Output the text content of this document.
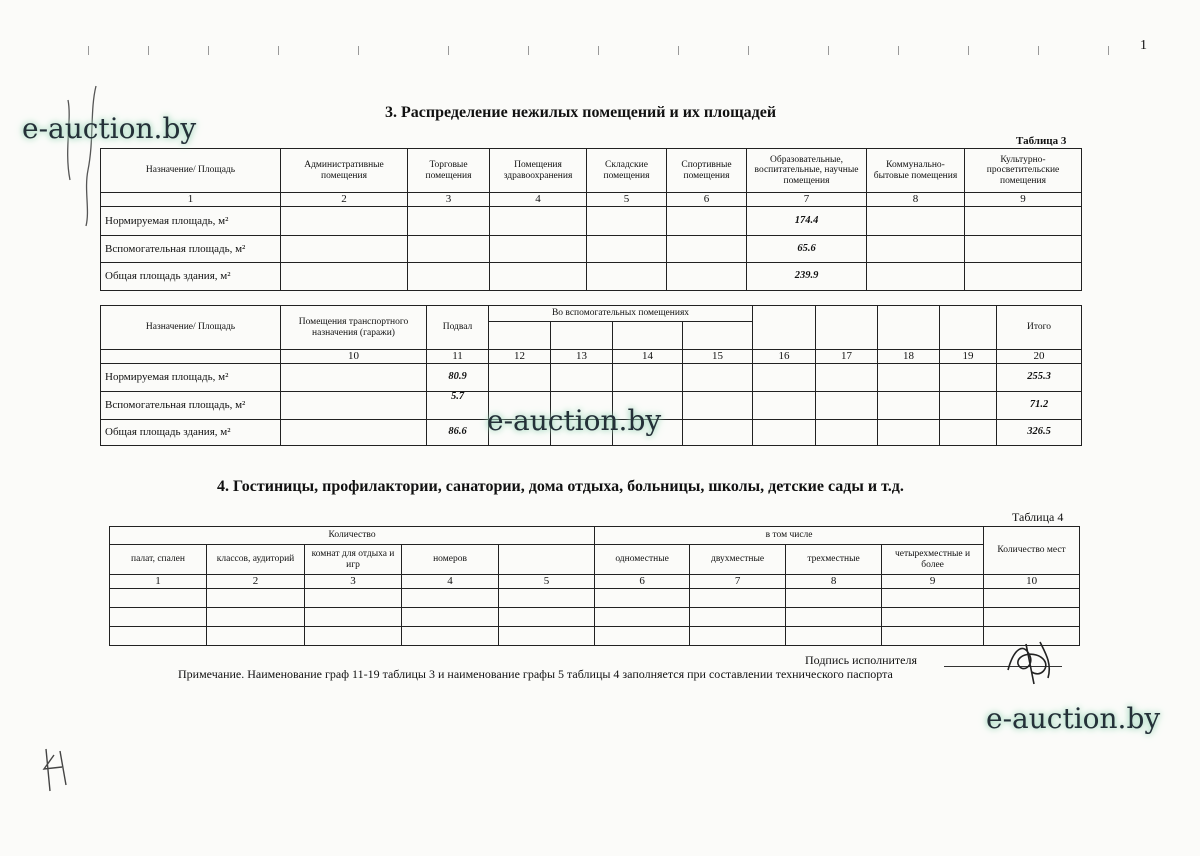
1
3. Распределение нежилых помещений и их площадей
Таблица 3
Назначение/ Площадь	Административные помещения	Торговые помещения	Помещения здравоохранения	Складские помещения	Спортивные помещения	Образовательные, воспитательные, научные помещения	Коммунально-бытовые помещения	Культурно-просветительские помещения
1	2	3	4	5	6	7	8	9
Нормируемая площадь, м²						174.4		
Вспомогательная площадь, м²						65.6		
Общая площадь здания, м²						239.9		
Назначение/ Площадь	Помещения транспортного назначения (гаражи)	Подвал	Во вспомогательных помещениях								Итого

	10	11	12	13	14	15	16	17	18	19	20
Нормируемая площадь, м²		80.9									255.3
Вспомогательная площадь, м²		5.7									71.2
Общая площадь здания, м²		86.6									326.5
4. Гостиницы, профилактории, санатории, дома отдыха, больницы, школы, детские сады и т.д.
Таблица 4
Количество					в том числе				Количество мест
палат, спален	классов, аудиторий	комнат для отдыха и игр	номеров		одноместные	двухместные	трехместные	четырехместные и более	
1	2	3	4	5	6	7	8	9	10

Подпись исполнителя
Примечание. Наименование граф 11-19 таблицы 3 и наименование графы 5 таблицы 4 заполняется при составлении технического паспорта
e-auction.by
e-auction.by
e-auction.by
